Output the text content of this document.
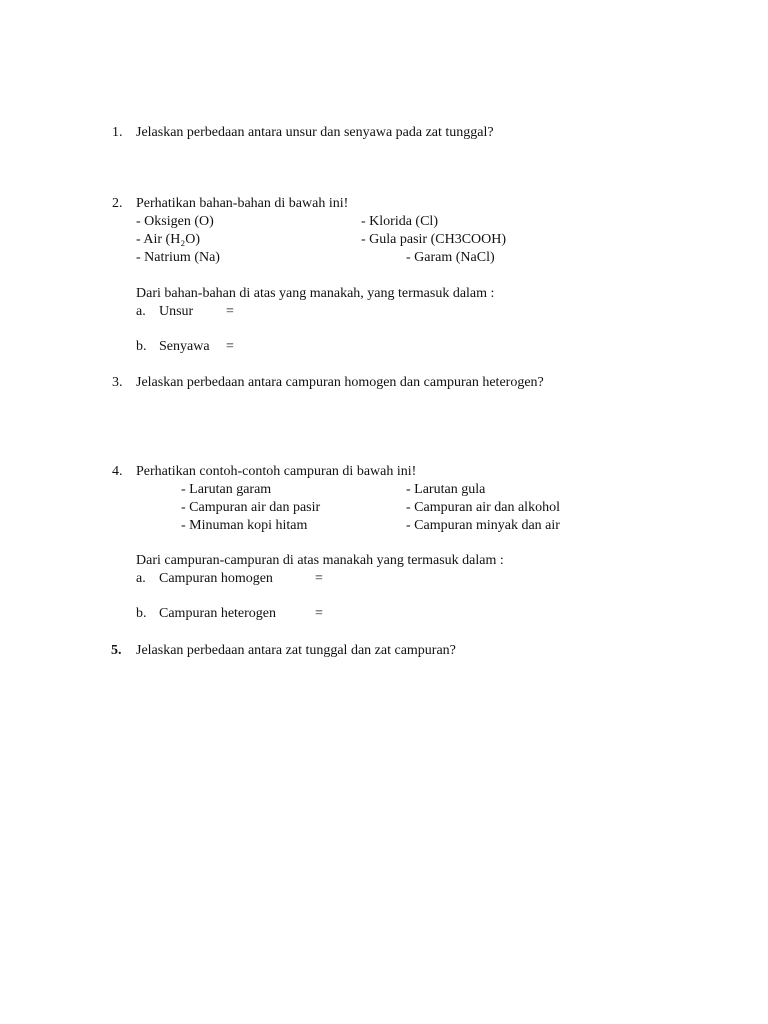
1. Jelaskan perbedaan antara unsur dan senyawa pada zat tunggal?
2. Perhatikan bahan-bahan di bawah ini!
- Oksigen (O)	- Klorida (Cl)
- Air (H₂O)	- Gula pasir (CH3COOH)
- Natrium (Na)	- Garam (NaCl)
Dari bahan-bahan di atas yang manakah, yang termasuk dalam :
a. Unsur =
b. Senyawa =
3. Jelaskan perbedaan antara campuran homogen dan campuran heterogen?
4. Perhatikan contoh-contoh campuran di bawah ini!
- Larutan garam	- Larutan gula
- Campuran air dan pasir	- Campuran air dan alkohol
- Minuman kopi hitam	- Campuran minyak dan air
Dari campuran-campuran di atas manakah yang termasuk dalam :
a. Campuran homogen	=
b. Campuran heterogen	=
5. Jelaskan perbedaan antara zat tunggal dan zat campuran?
